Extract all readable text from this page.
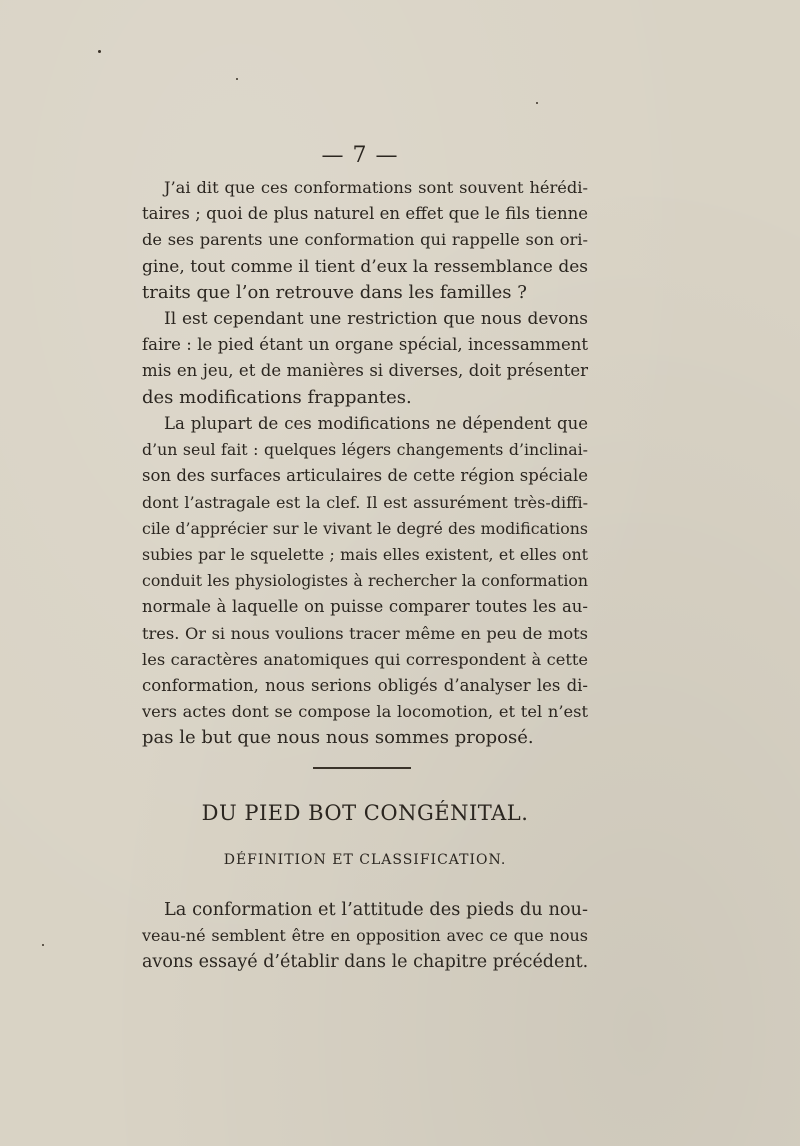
— 7 —
J’ai dit que ces conformations sont souvent hérédi-
taires ; quoi de plus naturel en effet que le fils tienne
de ses parents une conformation qui rappelle son ori-
gine, tout comme il tient d’eux la ressemblance des
traits que l’on retrouve dans les familles ?
Il est cependant une restriction que nous devons
faire : le pied étant un organe spécial, incessamment
mis en jeu, et de manières si diverses, doit présenter
des modifications frappantes.
La plupart de ces modifications ne dépendent que
d’un seul fait : quelques légers changements d’inclinai-
son des surfaces articulaires de cette région spéciale
dont l’astragale est la clef. Il est assurément très-diffi-
cile d’apprécier sur le vivant le degré des modifications
subies par le squelette ; mais elles existent, et elles ont
conduit les physiologistes à rechercher la conformation
normale à laquelle on puisse comparer toutes les au-
tres. Or si nous voulions tracer même en peu de mots
les caractères anatomiques qui correspondent à cette
conformation, nous serions obligés d’analyser les di-
vers actes dont se compose la locomotion, et tel n’est
pas le but que nous nous sommes proposé.
DU PIED BOT CONGÉNITAL.
DÉFINITION ET CLASSIFICATION.
La conformation et l’attitude des pieds du nou-
veau-né semblent être en opposition avec ce que nous
avons essayé d’établir dans le chapitre précédent.
